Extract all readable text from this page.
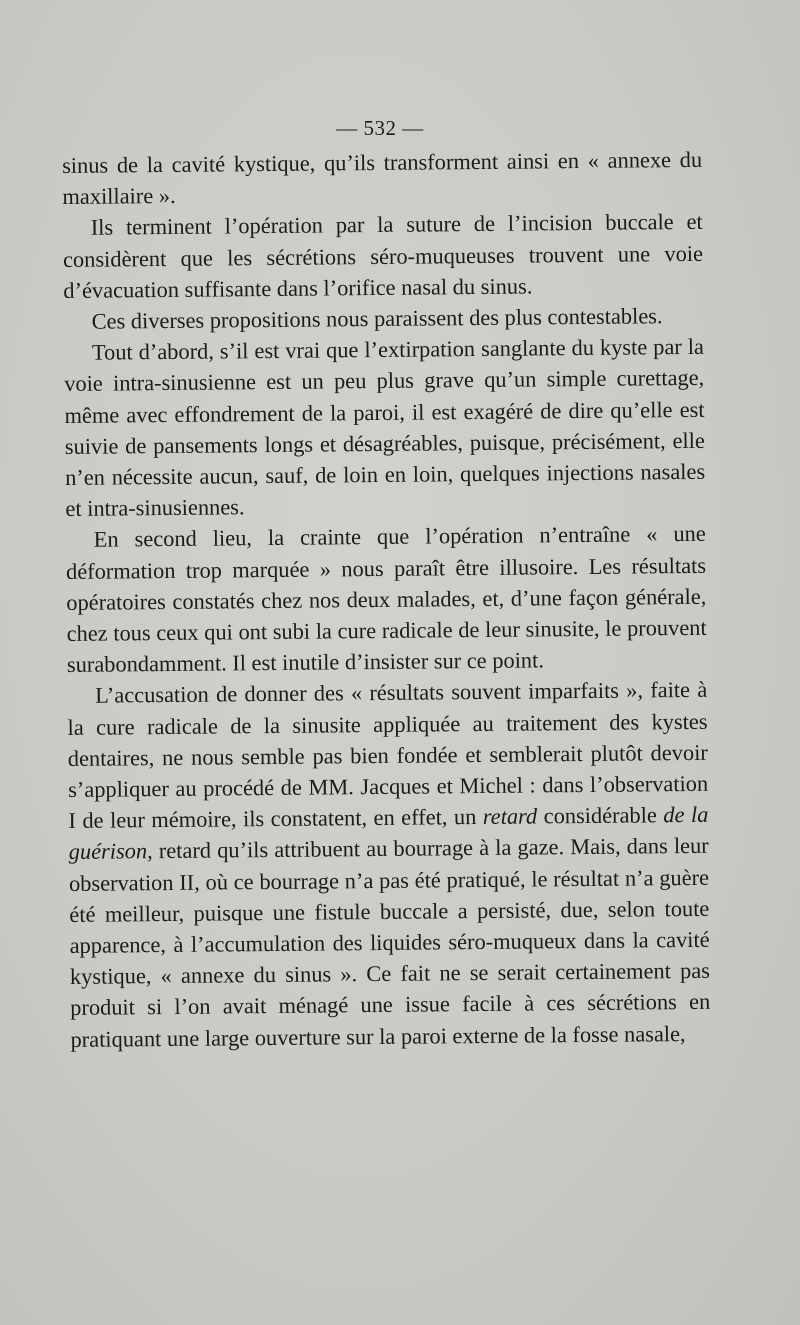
— 532 —

sinus de la cavité kystique, qu’ils transforment ainsi en « annexe du maxillaire ».

Ils terminent l’opération par la suture de l’incision buccale et considèrent que les sécrétions séro-muqueuses trouvent une voie d’évacuation suffisante dans l’orifice nasal du sinus.

Ces diverses propositions nous paraissent des plus contestables.

Tout d’abord, s’il est vrai que l’extirpation sanglante du kyste par la voie intra-sinusienne est un peu plus grave qu’un simple curettage, même avec effondrement de la paroi, il est exagéré de dire qu’elle est suivie de pansements longs et désagréables, puisque, précisément, elle n’en nécessite aucun, sauf, de loin en loin, quelques injections nasales et intra-sinusiennes.

En second lieu, la crainte que l’opération n’entraîne « une déformation trop marquée » nous paraît être illusoire. Les résultats opératoires constatés chez nos deux malades, et, d’une façon générale, chez tous ceux qui ont subi la cure radicale de leur sinusite, le prouvent surabondamment. Il est inutile d’insister sur ce point.

L’accusation de donner des « résultats souvent imparfaits », faite à la cure radicale de la sinusite appliquée au traitement des kystes dentaires, ne nous semble pas bien fondée et semblerait plutôt devoir s’appliquer au procédé de MM. Jacques et Michel : dans l’observation I de leur mémoire, ils constatent, en effet, un retard considérable de la guérison, retard qu’ils attribuent au bourrage à la gaze. Mais, dans leur observation II, où ce bourrage n’a pas été pratiqué, le résultat n’a guère été meilleur, puisque une fistule buccale a persisté, due, selon toute apparence, à l’accumulation des liquides séro-muqueux dans la cavité kystique, « annexe du sinus ». Ce fait ne se serait certainement pas produit si l’on avait ménagé une issue facile à ces sécrétions en pratiquant une large ouverture sur la paroi externe de la fosse nasale,
